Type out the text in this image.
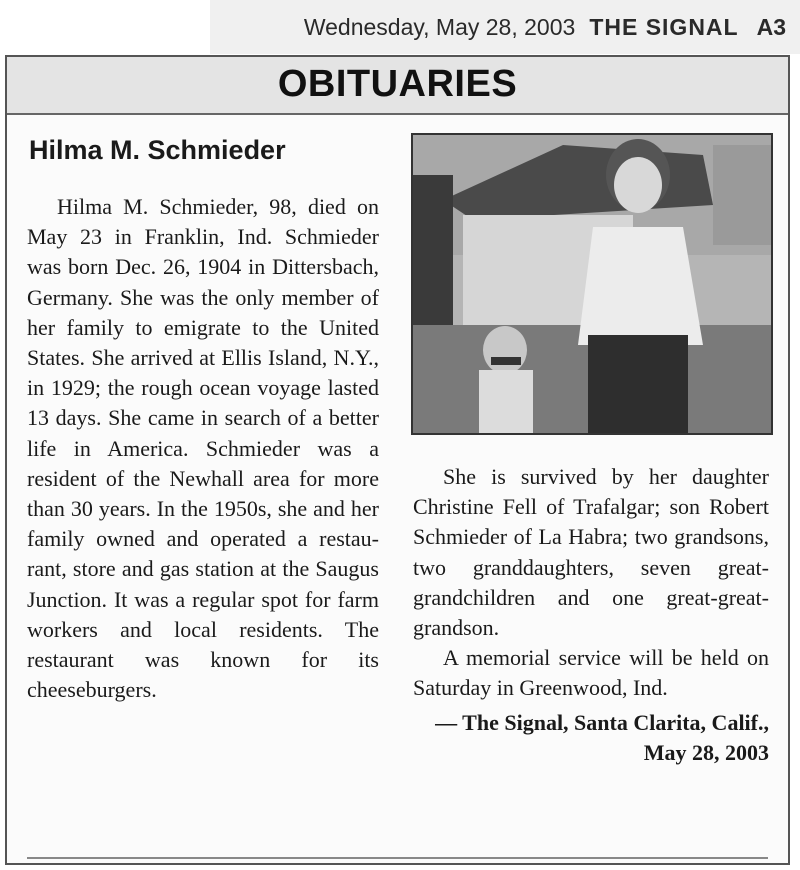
Wednesday, May 28, 2003 THE SIGNAL A3
OBITUARIES
Hilma M. Schmieder

Hilma M. Schmieder, 98, died on May 23 in Franklin, Ind. Schmieder was born Dec. 26, 1904 in Dittersbach, Germany. She was the only member of her family to emigrate to the United States. She arrived at Ellis Island, N.Y., in 1929; the rough ocean voyage lasted 13 days. She came in search of a better life in America. Schmieder was a resident of the Newhall area for more than 30 years. In the 1950s, she and her family owned and operated a restaurant, store and gas station at the Saugus Junction. It was a regular spot for farm workers and local residents. The restaurant was known for its cheeseburgers.

She is survived by her daughter Christine Fell of Trafalgar; son Robert Schmieder of La Habra; two grandsons, two granddaughters, seven great-grandchildren and one great-great-grandson.

A memorial service will be held on Saturday in Greenwood, Ind.

— The Signal, Santa Clarita, Calif., May 28, 2003
